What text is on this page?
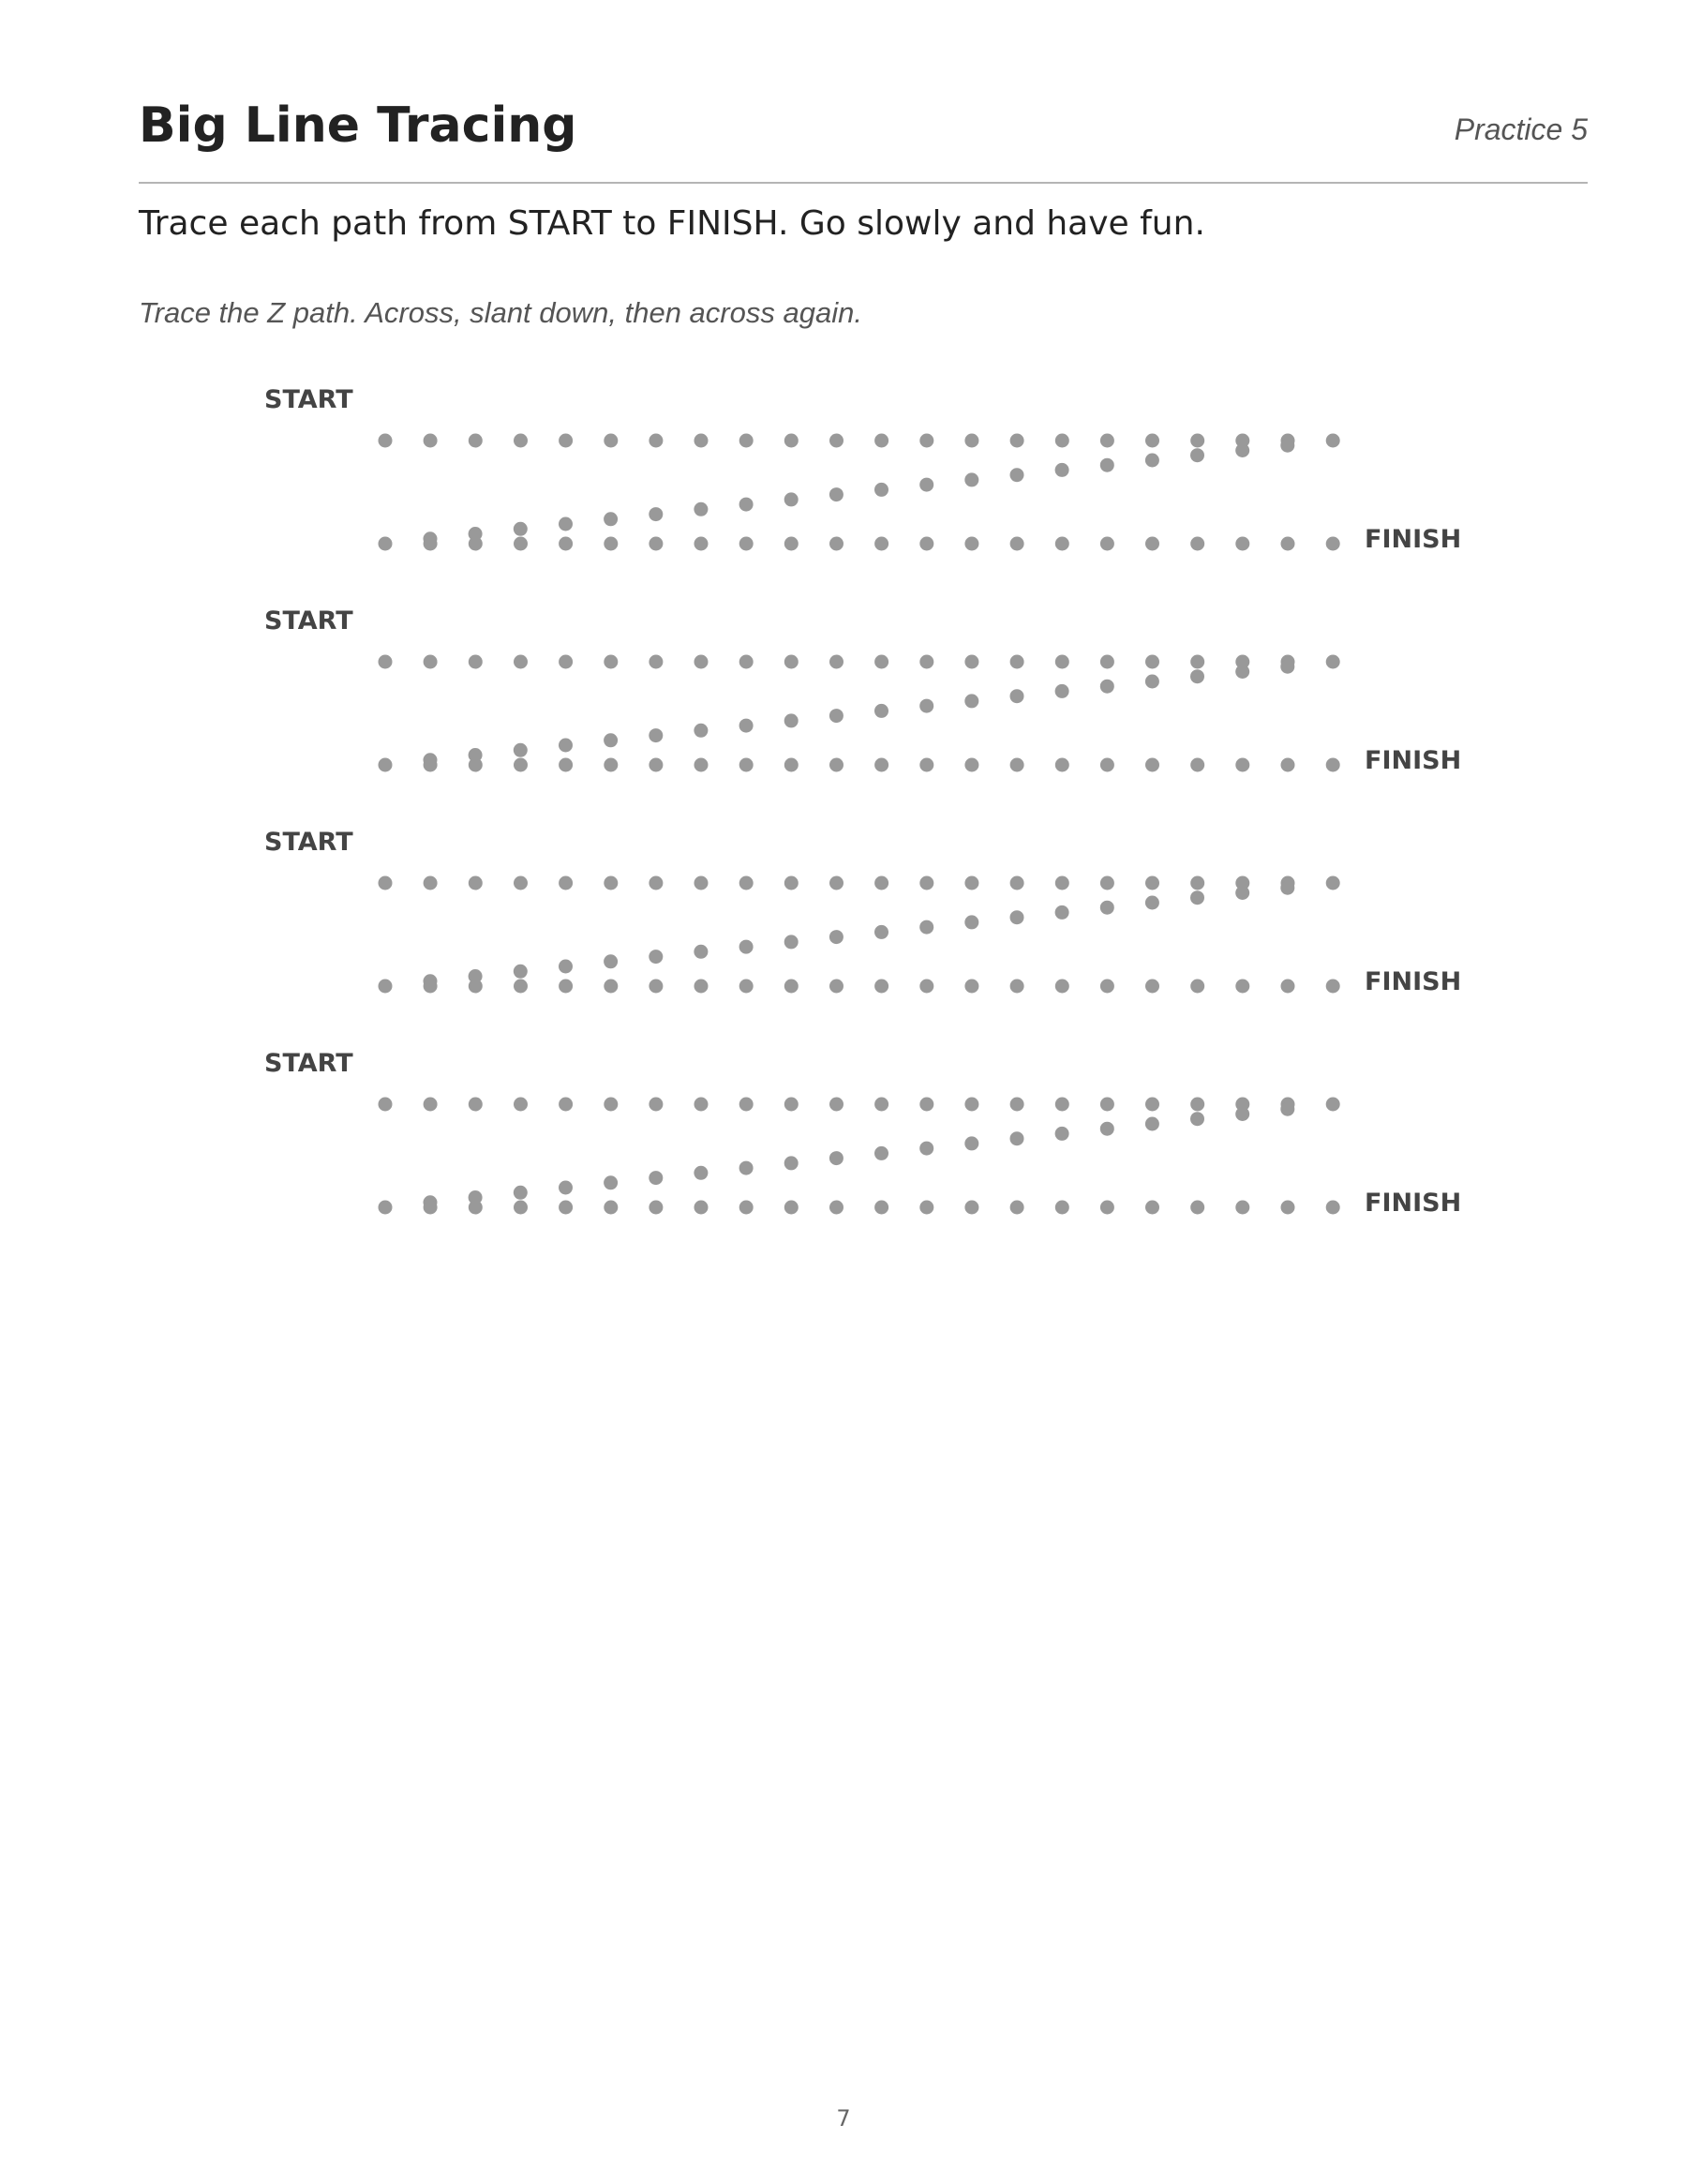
Big Line Tracing	Practice 5
Trace each path from START to FINISH. Go slowly and have fun.
Trace the Z path. Across, slant down, then across again.
START
FINISH
START
FINISH
START
FINISH
START
FINISH
7
